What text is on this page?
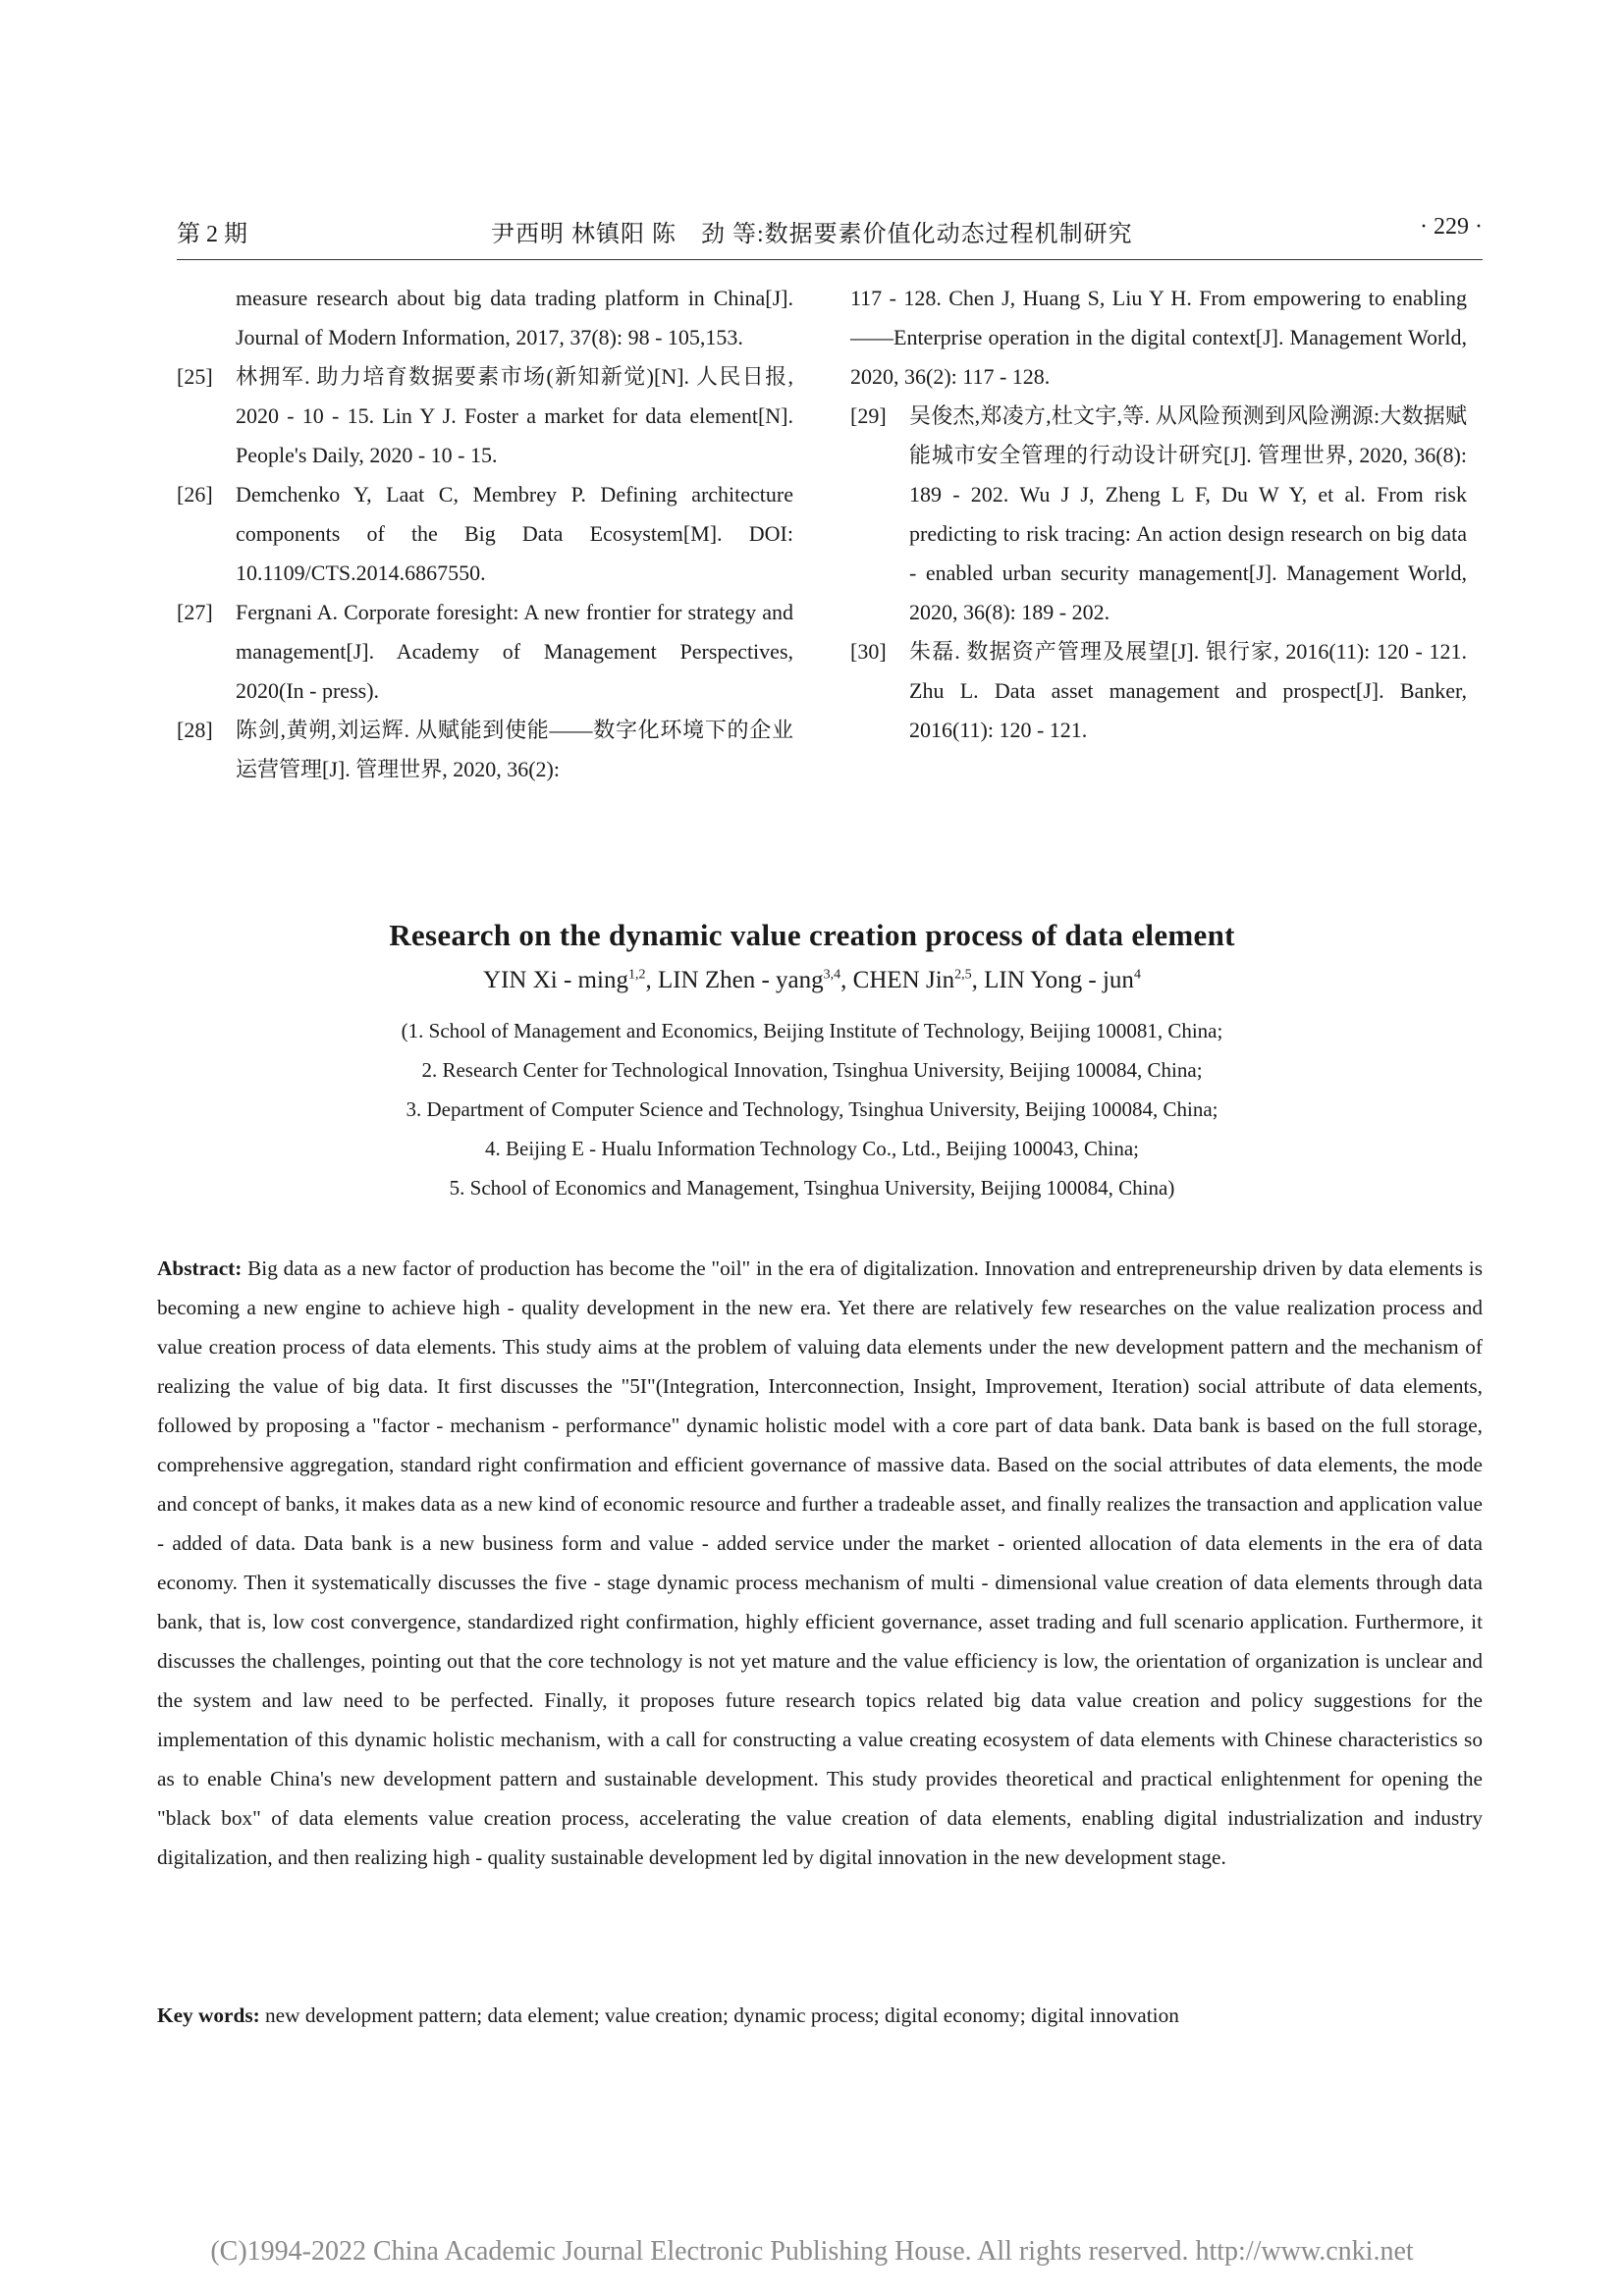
第 2 期	尹西明 林镇阳 陈　劲 等:数据要素价值化动态过程机制研究	· 229 ·
measure research about big data trading platform in China[J]. Journal of Modern Information, 2017, 37(8): 98 - 105,153.
[25]	林拥军. 助力培育数据要素市场(新知新觉)[N]. 人民日报, 2020 - 10 - 15. Lin Y J. Foster a market for data element[N]. People's Daily, 2020 - 10 - 15.
[26]	Demchenko Y, Laat C, Membrey P. Defining architecture components of the Big Data Ecosystem[M]. DOI: 10.1109/CTS.2014.6867550.
[27]	Fergnani A. Corporate foresight: A new frontier for strategy and management[J]. Academy of Management Perspectives, 2020(In - press).
[28]	陈剑,黄朔,刘运辉. 从赋能到使能——数字化环境下的企业运营管理[J]. 管理世界, 2020, 36(2):
117 - 128. Chen J, Huang S, Liu Y H. From empowering to enabling——Enterprise operation in the digital context[J]. Management World, 2020, 36(2): 117 - 128.
[29]	吴俊杰,郑凌方,杜文宇,等. 从风险预测到风险溯源:大数据赋能城市安全管理的行动设计研究[J]. 管理世界, 2020, 36(8): 189 - 202. Wu J J, Zheng L F, Du W Y, et al. From risk predicting to risk tracing: An action design research on big data - enabled urban security management[J]. Management World, 2020, 36(8): 189 - 202.
[30]	朱磊. 数据资产管理及展望[J]. 银行家, 2016(11): 120 - 121. Zhu L. Data asset management and prospect[J]. Banker, 2016(11): 120 - 121.
Research on the dynamic value creation process of data element
YIN Xi - ming$^{1,2}$, LIN Zhen - yang$^{3,4}$, CHEN Jin$^{2,5}$, LIN Yong - jun$^4$
(1. School of Management and Economics, Beijing Institute of Technology, Beijing 100081, China;
2. Research Center for Technological Innovation, Tsinghua University, Beijing 100084, China;
3. Department of Computer Science and Technology, Tsinghua University, Beijing 100084, China;
4. Beijing E - Hualu Information Technology Co., Ltd., Beijing 100043, China;
5. School of Economics and Management, Tsinghua University, Beijing 100084, China)
Abstract: Big data as a new factor of production has become the "oil" in the era of digitalization. Innovation and entrepreneurship driven by data elements is becoming a new engine to achieve high - quality development in the new era. Yet there are relatively few researches on the value realization process and value creation process of data elements. This study aims at the problem of valuing data elements under the new development pattern and the mechanism of realizing the value of big data. It first discusses the "5I"(Integration, Interconnection, Insight, Improvement, Iteration) social attribute of data elements, followed by proposing a "factor - mechanism - performance" dynamic holistic model with a core part of data bank. Data bank is based on the full storage, comprehensive aggregation, standard right confirmation and efficient governance of massive data. Based on the social attributes of data elements, the mode and concept of banks, it makes data as a new kind of economic resource and further a tradeable asset, and finally realizes the transaction and application value - added of data. Data bank is a new business form and value - added service under the market - oriented allocation of data elements in the era of data economy. Then it systematically discusses the five - stage dynamic process mechanism of multi - dimensional value creation of data elements through data bank, that is, low cost convergence, standardized right confirmation, highly efficient governance, asset trading and full scenario application. Furthermore, it discusses the challenges, pointing out that the core technology is not yet mature and the value efficiency is low, the orientation of organization is unclear and the system and law need to be perfected. Finally, it proposes future research topics related big data value creation and policy suggestions for the implementation of this dynamic holistic mechanism, with a call for constructing a value creating ecosystem of data elements with Chinese characteristics so as to enable China's new development pattern and sustainable development. This study provides theoretical and practical enlightenment for opening the "black box" of data elements value creation process, accelerating the value creation of data elements, enabling digital industrialization and industry digitalization, and then realizing high - quality sustainable development led by digital innovation in the new development stage.
Key words: new development pattern; data element; value creation; dynamic process; digital economy; digital innovation
(C)1994-2022 China Academic Journal Electronic Publishing House. All rights reserved. http://www.cnki.net
